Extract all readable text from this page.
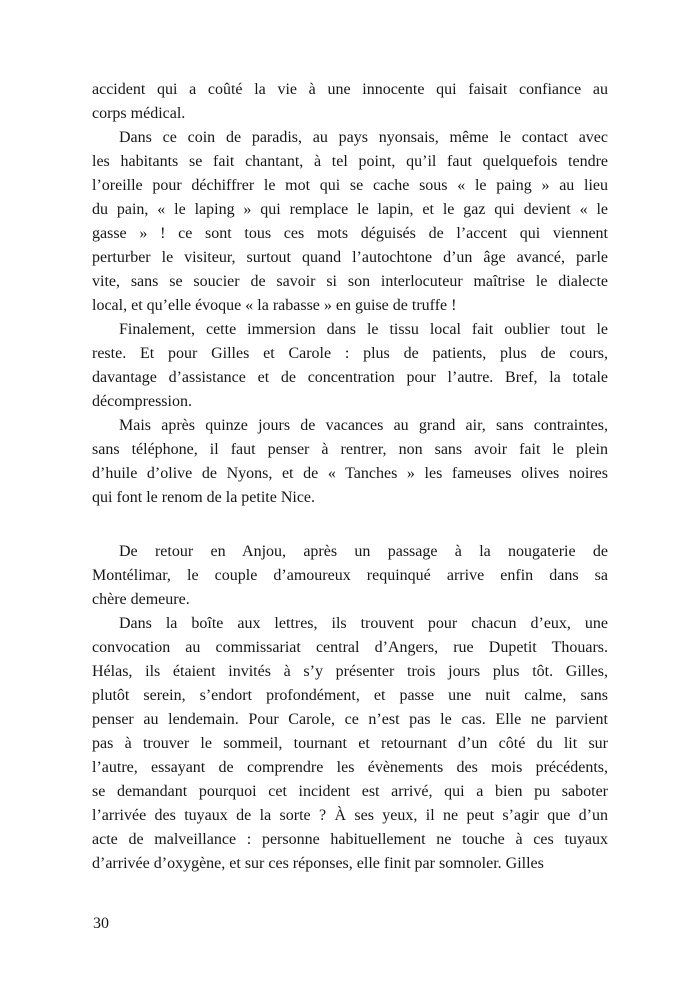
accident qui a coûté la vie à une innocente qui faisait confiance au
corps médical.
Dans ce coin de paradis, au pays nyonsais, même le contact avec
les habitants se fait chantant, à tel point, qu’il faut quelquefois tendre
l’oreille pour déchiffrer le mot qui se cache sous « le paing » au lieu
du pain, « le laping » qui remplace le lapin, et le gaz qui devient « le
gasse » ! ce sont tous ces mots déguisés de l’accent qui viennent
perturber le visiteur, surtout quand l’autochtone d’un âge avancé, parle
vite, sans se soucier de savoir si son interlocuteur maîtrise le dialecte
local, et qu’elle évoque « la rabasse » en guise de truffe !
Finalement, cette immersion dans le tissu local fait oublier tout le
reste. Et pour Gilles et Carole : plus de patients, plus de cours,
davantage d’assistance et de concentration pour l’autre. Bref, la totale
décompression.
Mais après quinze jours de vacances au grand air, sans contraintes,
sans téléphone, il faut penser à rentrer, non sans avoir fait le plein
d’huile d’olive de Nyons, et de « Tanches » les fameuses olives noires
qui font le renom de la petite Nice.
De retour en Anjou, après un passage à la nougaterie de
Montélimar, le couple d’amoureux requinqué arrive enfin dans sa
chère demeure.
Dans la boîte aux lettres, ils trouvent pour chacun d’eux, une
convocation au commissariat central d’Angers, rue Dupetit Thouars.
Hélas, ils étaient invités à s’y présenter trois jours plus tôt. Gilles,
plutôt serein, s’endort profondément, et passe une nuit calme, sans
penser au lendemain. Pour Carole, ce n’est pas le cas. Elle ne parvient
pas à trouver le sommeil, tournant et retournant d’un côté du lit sur
l’autre, essayant de comprendre les évènements des mois précédents,
se demandant pourquoi cet incident est arrivé, qui a bien pu saboter
l’arrivée des tuyaux de la sorte ? À ses yeux, il ne peut s’agir que d’un
acte de malveillance : personne habituellement ne touche à ces tuyaux
d’arrivée d’oxygène, et sur ces réponses, elle finit par somnoler. Gilles
30
